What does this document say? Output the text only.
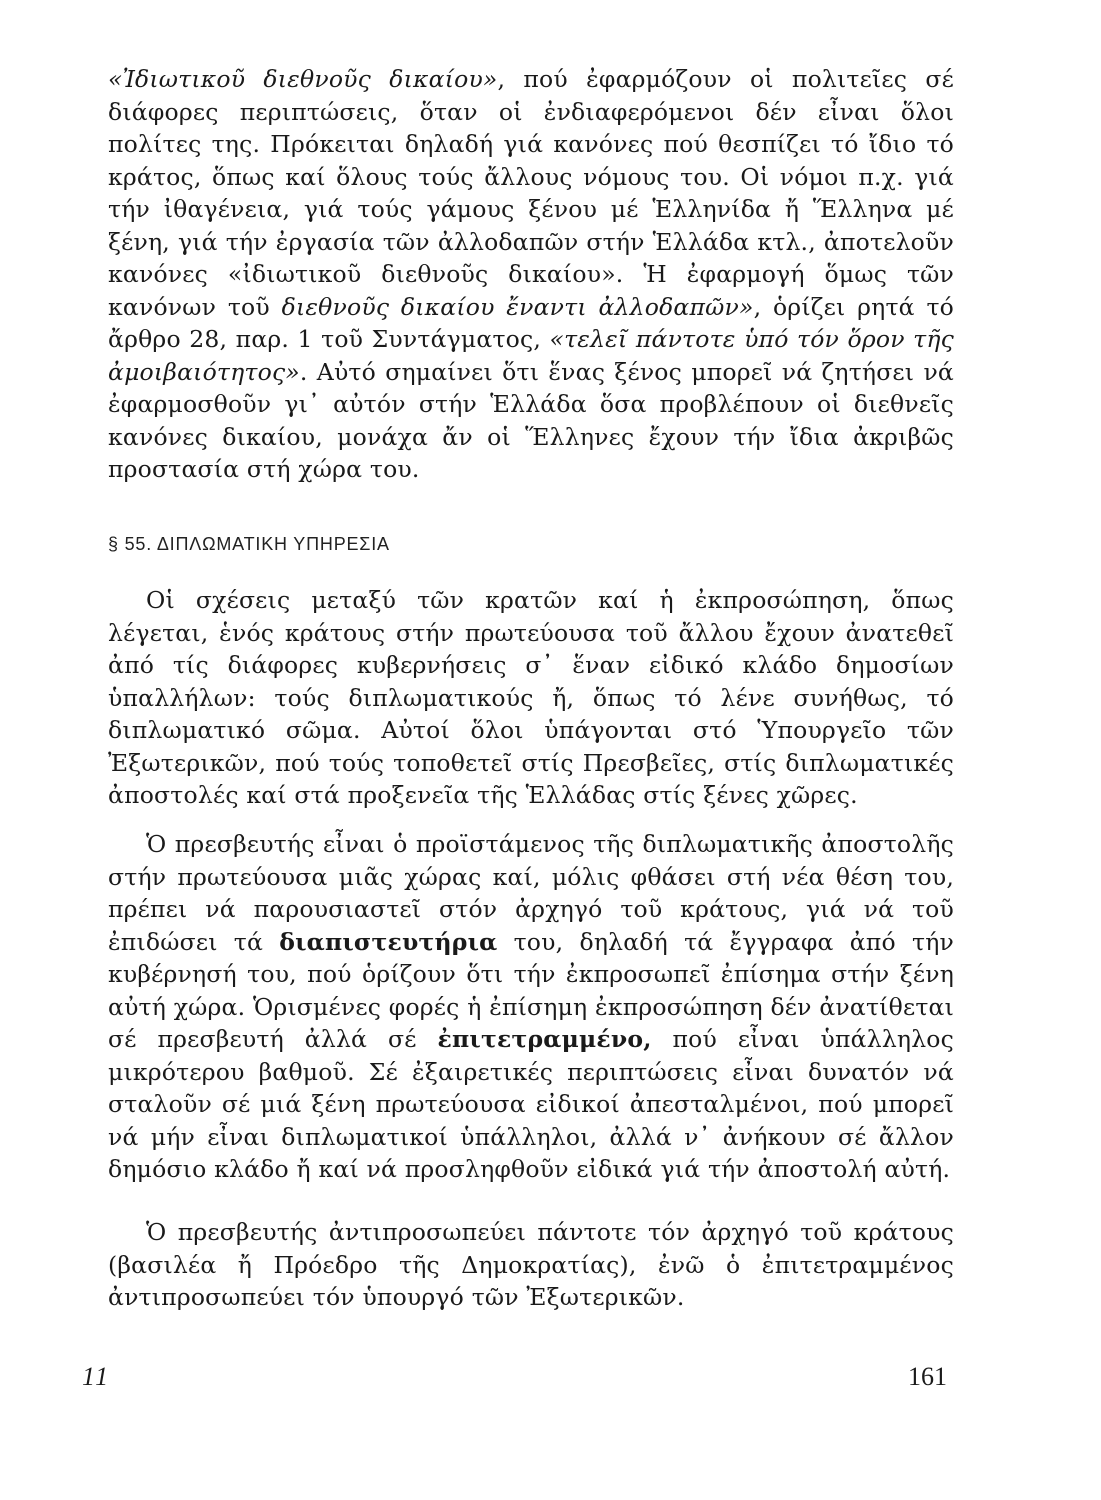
«Ἰδιωτικοῦ διεθνοῦς δικαίου», πού ἐφαρμόζουν οἱ πολιτεῖες σέ διάφορες περιπτώσεις, ὅταν οἱ ἐνδιαφερόμενοι δέν εἶναι ὅλοι πολίτες της. Πρόκειται δηλαδή γιά κανόνες πού θεσπίζει τό ἴδιο τό κράτος, ὅπως καί ὅλους τούς ἄλλους νόμους του. Οἱ νόμοι π.χ. γιά τήν ἰθαγένεια, γιά τούς γάμους ξένου μέ Ἑλληνίδα ἤ Ἕλληνα μέ ξένη, γιά τήν ἐργασία τῶν ἀλλοδαπῶν στήν Ἑλλάδα κτλ., ἀποτελοῦν κανόνες «ἰδιωτικοῦ διεθνοῦς δικαίου». Ἡ ἐφαρμογή ὅμως τῶν κανόνων τοῦ διεθνοῦς δικαίου ἔναντι ἀλλοδαπῶν», ὁρίζει ρητά τό ἄρθρο 28, παρ. 1 τοῦ Συντάγματος, «τελεῖ πάντοτε ὑπό τόν ὅρον τῆς ἀμοιβαιότητος». Αὐτό σημαίνει ὅτι ἕνας ξένος μπορεῖ νά ζητήσει νά ἐφαρμοσθοῦν γι᾿ αὐτόν στήν Ἑλλάδα ὅσα προβλέπουν οἱ διεθνεῖς κανόνες δικαίου, μονάχα ἄν οἱ Ἕλληνες ἔχουν τήν ἴδια ἀκριβῶς προστασία στή χώρα του.

§ 55. ΔΙΠΛΩΜΑΤΙΚΗ ΥΠΗΡΕΣΙΑ

Οἱ σχέσεις μεταξύ τῶν κρατῶν καί ἡ ἐκπροσώπηση, ὅπως λέγεται, ἑνός κράτους στήν πρωτεύουσα τοῦ ἄλλου ἔχουν ἀνατεθεῖ ἀπό τίς διάφορες κυβερνήσεις σ᾿ ἕναν εἰδικό κλάδο δημοσίων ὑπαλλήλων: τούς διπλωματικούς ἤ, ὅπως τό λένε συνήθως, τό διπλωματικό σῶμα. Αὐτοί ὅλοι ὑπάγονται στό Ὑπουργεῖο τῶν Ἐξωτερικῶν, πού τούς τοποθετεῖ στίς Πρεσβεῖες, στίς διπλωματικές ἀποστολές καί στά προξενεῖα τῆς Ἑλλάδας στίς ξένες χῶρες.

Ὁ πρεσβευτής εἶναι ὁ προϊστάμενος τῆς διπλωματικῆς ἀποστολῆς στήν πρωτεύουσα μιᾶς χώρας καί, μόλις φθάσει στή νέα θέση του, πρέπει νά παρουσιαστεῖ στόν ἀρχηγό τοῦ κράτους, γιά νά τοῦ ἐπιδώσει τά διαπιστευτήρια του, δηλαδή τά ἔγγραφα ἀπό τήν κυβέρνησή του, πού ὁρίζουν ὅτι τήν ἐκπροσωπεῖ ἐπίσημα στήν ξένη αὐτή χώρα. Ὁρισμένες φορές ἡ ἐπίσημη ἐκπροσώπηση δέν ἀνατίθεται σέ πρεσβευτή ἀλλά σέ ἐπιτετραμμένο, πού εἶναι ὑπάλληλος μικρότερου βαθμοῦ. Σέ ἐξαιρετικές περιπτώσεις εἶναι δυνατόν νά σταλοῦν σέ μιά ξένη πρωτεύουσα εἰδικοί ἀπεσταλμένοι, πού μπορεῖ νά μήν εἶναι διπλωματικοί ὑπάλληλοι, ἀλλά ν᾿ ἀνήκουν σέ ἄλλον δημόσιο κλάδο ἤ καί νά προσληφθοῦν εἰδικά γιά τήν ἀποστολή αὐτή.

Ὁ πρεσβευτής ἀντιπροσωπεύει πάντοτε τόν ἀρχηγό τοῦ κράτους (βασιλέα ἤ Πρόεδρο τῆς Δημοκρατίας), ἐνῶ ὁ ἐπιτετραμμένος ἀντιπροσωπεύει τόν ὑπουργό τῶν Ἐξωτερικῶν.

11	161
